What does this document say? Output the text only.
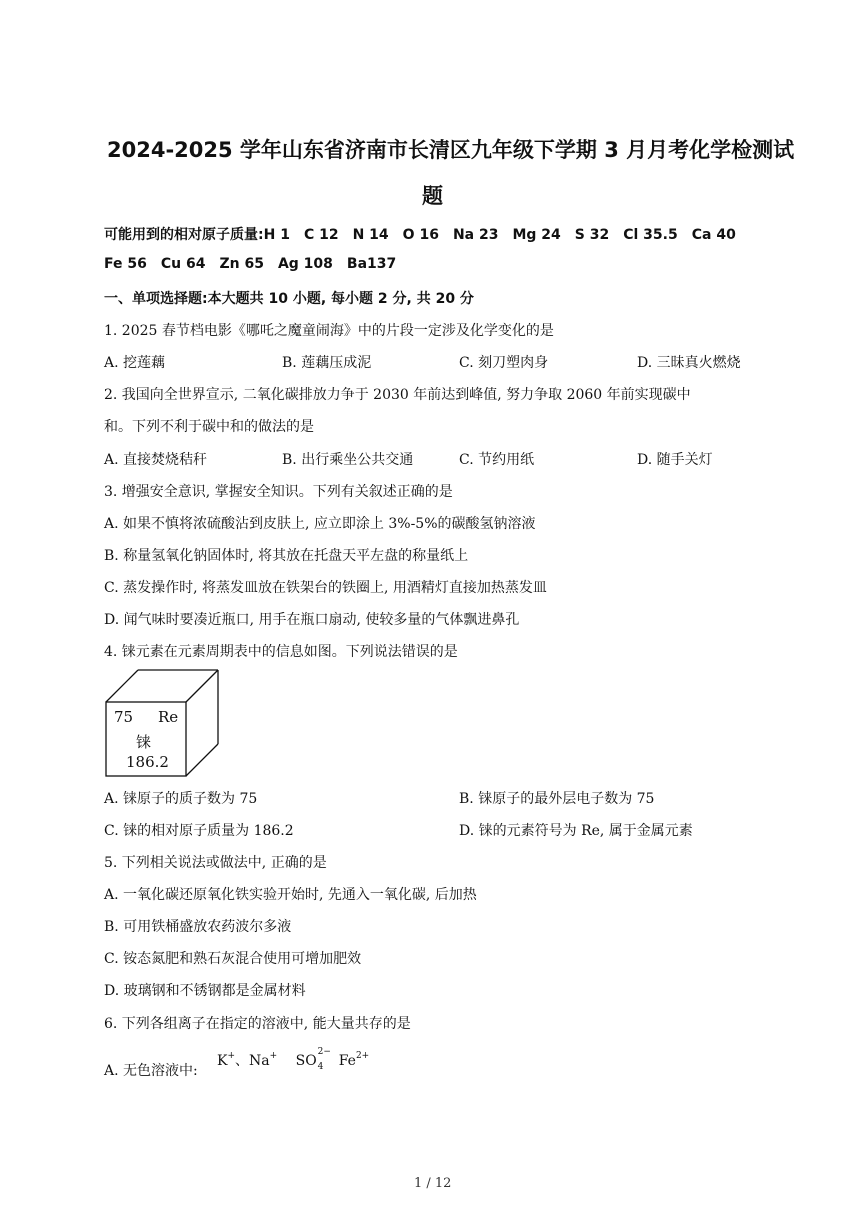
2024-2025 学年山东省济南市长清区九年级下学期 3 月月考化学检测试
题
可能用到的相对原子质量:H 1 C 12 N 14 O 16 Na 23 Mg 24 S 32 Cl 35.5 Ca 40
Fe 56 Cu 64 Zn 65 Ag 108 Ba137
一、单项选择题:本大题共 10 小题, 每小题 2 分, 共 20 分
1. 2025 春节档电影《哪吒之魔童闹海》中的片段一定涉及化学变化的是
A. 挖莲藕	B. 莲藕压成泥	C. 刻刀塑肉身	D. 三昧真火燃烧
2. 我国向全世界宣示, 二氧化碳排放力争于 2030 年前达到峰值, 努力争取 2060 年前实现碳中
和。下列不利于碳中和的做法的是
A. 直接焚烧秸秆	B. 出行乘坐公共交通	C. 节约用纸	D. 随手关灯
3. 增强安全意识, 掌握安全知识。下列有关叙述正确的是
A. 如果不慎将浓硫酸沾到皮肤上, 应立即涂上 3%-5%的碳酸氢钠溶液
B. 称量氢氧化钠固体时, 将其放在托盘天平左盘的称量纸上
C. 蒸发操作时, 将蒸发皿放在铁架台的铁圈上, 用酒精灯直接加热蒸发皿
D. 闻气味时要凑近瓶口, 用手在瓶口扇动, 使较多量的气体飘进鼻孔
4. 铼元素在元素周期表中的信息如图。下列说法错误的是
75 Re
铼
186.2
A. 铼原子的质子数为 75	B. 铼原子的最外层电子数为 75
C. 铼的相对原子质量为 186.2	D. 铼的元素符号为 Re, 属于金属元素
5. 下列相关说法或做法中, 正确的是
A. 一氧化碳还原氧化铁实验开始时, 先通入一氧化碳, 后加热
B. 可用铁桶盛放农药波尔多液
C. 铵态氮肥和熟石灰混合使用可增加肥效
D. 玻璃钢和不锈钢都是金属材料
6. 下列各组离子在指定的溶液中, 能大量共存的是
A. 无色溶液中:
K+、Na+ SO
2−
4 $Fe^{2+}$
1 / 12
